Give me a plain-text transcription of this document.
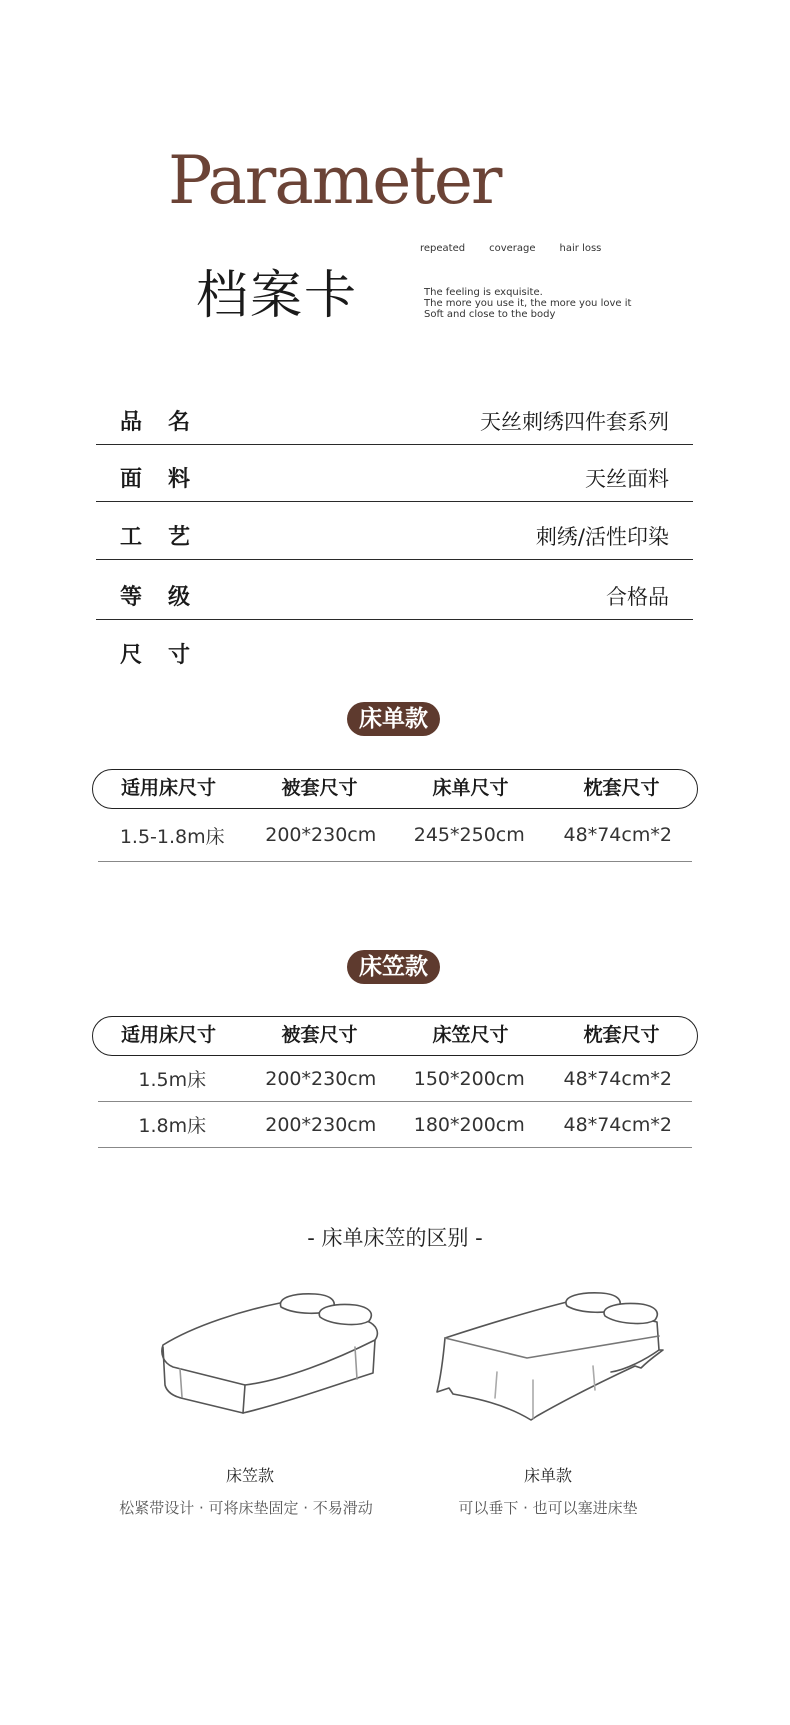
Parameter
repeated coverage hair loss
档案卡	The feeling is exquisite.
The more you use it, the more you love it
Soft and close to the body
品名	天丝刺绣四件套系列
面料	天丝面料
工艺	刺绣/活性印染
等级	合格品
尺寸
床单款
适用床尺寸	被套尺寸	床单尺寸	枕套尺寸
1.5-1.8m床	200*230cm	245*250cm	48*74cm*2
床笠款
适用床尺寸	被套尺寸	床笠尺寸	枕套尺寸
1.5m床	200*230cm	150*200cm	48*74cm*2
1.8m床	200*230cm	180*200cm	48*74cm*2
- 床单床笠的区别 -
床笠款
松紧带设计 · 可将床垫固定 · 不易滑动
床单款
可以垂下 · 也可以塞进床垫
